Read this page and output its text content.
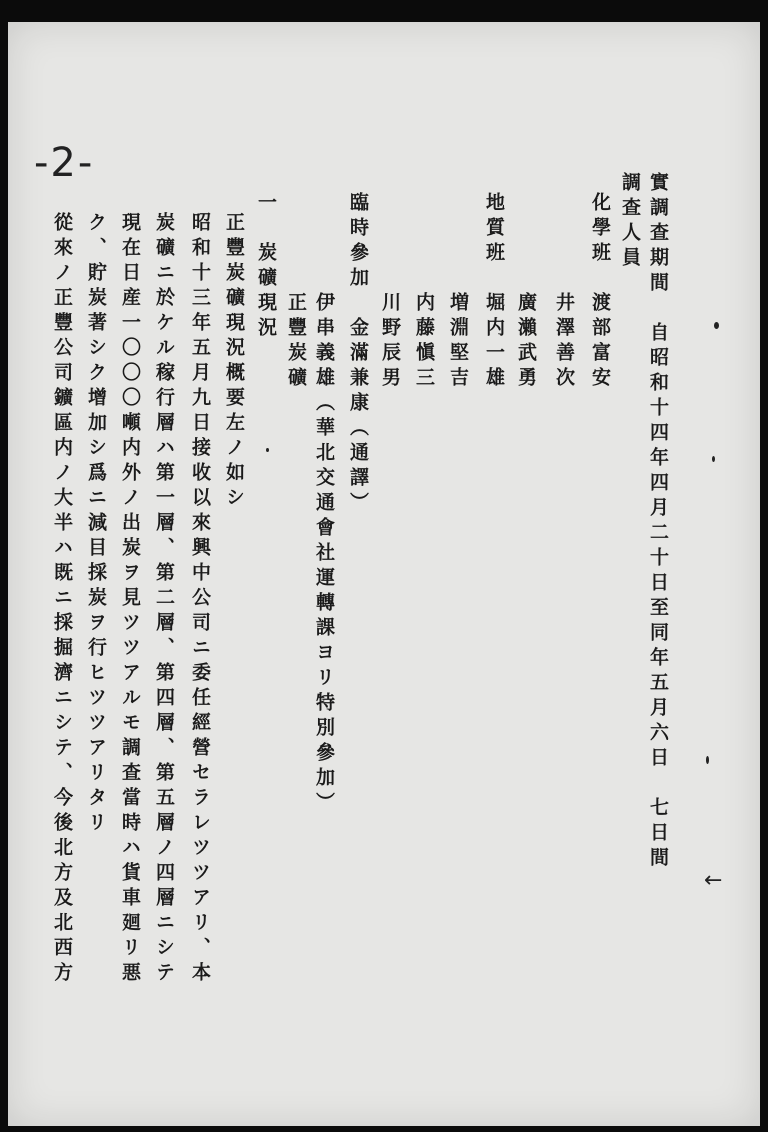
-2-
←
實調查期間　自昭和十四年四月二十日至同年五月六日　七日間
調查人員
化學班　渡部富安
　　　　井澤善次
　　　　廣瀨武勇
地質班　堀内一雄
　　　　増淵堅吉
　　　　内藤愼三
　　　　川野辰男
臨時參加　金滿兼康（通譯）
　　　　伊串義雄（華北交通會社運轉課ヨリ特別參加）
正豐炭礦
一　炭礦現況
正豐炭礦現況概要左ノ如シ
昭和十三年五月九日接收以來興中公司ニ委任經營セラレツツアリ、本
炭礦ニ於ケル稼行層ハ第一層、第二層、第四層、第五層ノ四層ニシテ
現在日産一〇〇〇噸内外ノ出炭ヲ見ツツアルモ調查當時ハ貨車廻リ悪
ク、貯炭著シク增加シ爲ニ減目採炭ヲ行ヒツツアリタリ
從來ノ正豐公司鑛區内ノ大半ハ既ニ採掘濟ニシテ、今後北方及北西方
